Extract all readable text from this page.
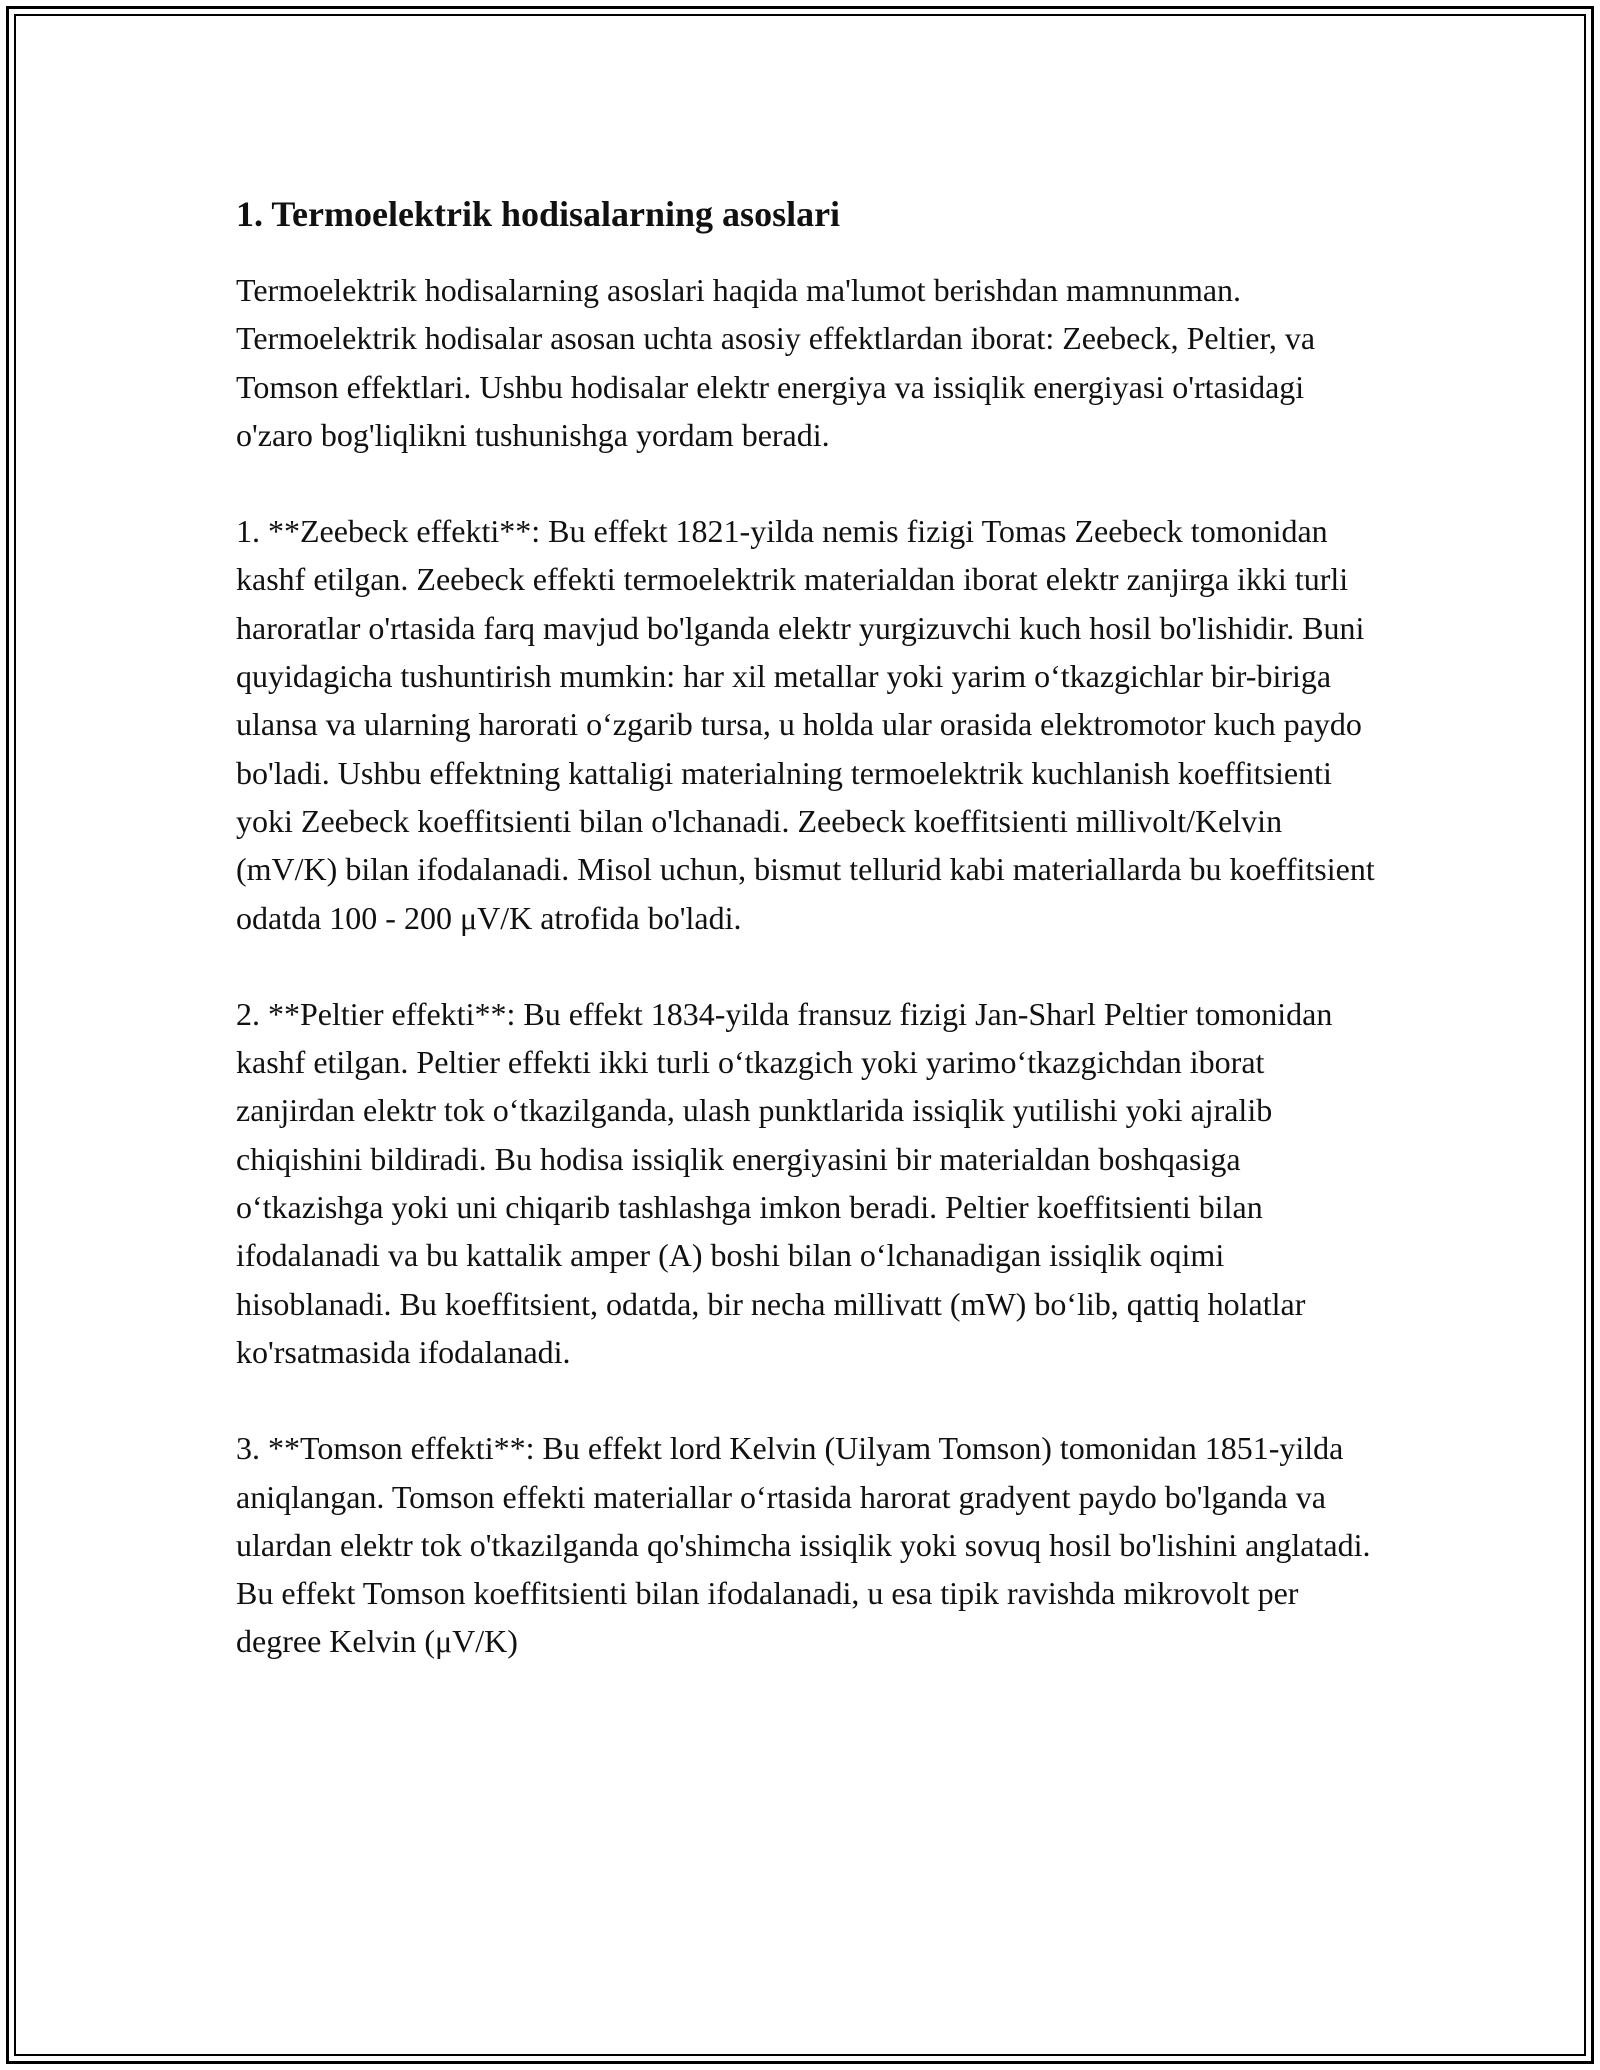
1. Termoelektrik hodisalarning asoslari

Termoelektrik hodisalarning asoslari haqida ma'lumot berishdan mamnunman. Termoelektrik hodisalar asosan uchta asosiy effektlardan iborat: Zeebeck, Peltier, va Tomson effektlari. Ushbu hodisalar elektr energiya va issiqlik energiyasi o'rtasidagi o'zaro bog'liqlikni tushunishga yordam beradi.

1. **Zeebeck effekti**: Bu effekt 1821-yilda nemis fizigi Tomas Zeebeck tomonidan kashf etilgan. Zeebeck effekti termoelektrik materialdan iborat elektr zanjirga ikki turli haroratlar o'rtasida farq mavjud bo'lganda elektr yurgizuvchi kuch hosil bo'lishidir. Buni quyidagicha tushuntirish mumkin: har xil metallar yoki yarim o‘tkazgichlar bir-biriga ulansa va ularning harorati o‘zgarib tursa, u holda ular orasida elektromotor kuch paydo bo'ladi. Ushbu effektning kattaligi materialning termoelektrik kuchlanish koeffitsienti yoki Zeebeck koeffitsienti bilan o'lchanadi. Zeebeck koeffitsienti millivolt/Kelvin (mV/K) bilan ifodalanadi. Misol uchun, bismut tellurid kabi materiallarda bu koeffitsient odatda 100 - 200 μV/K atrofida bo'ladi.

2. **Peltier effekti**: Bu effekt 1834-yilda fransuz fizigi Jan-Sharl Peltier tomonidan kashf etilgan. Peltier effekti ikki turli o‘tkazgich yoki yarimo‘tkazgichdan iborat zanjirdan elektr tok o‘tkazilganda, ulash punktlarida issiqlik yutilishi yoki ajralib chiqishini bildiradi. Bu hodisa issiqlik energiyasini bir materialdan boshqasiga o‘tkazishga yoki uni chiqarib tashlashga imkon beradi. Peltier koeffitsienti bilan ifodalanadi va bu kattalik amper (A) boshi bilan o‘lchanadigan issiqlik oqimi hisoblanadi. Bu koeffitsient, odatda, bir necha millivatt (mW) bo‘lib, qattiq holatlar ko'rsatmasida ifodalanadi.

3. **Tomson effekti**: Bu effekt lord Kelvin (Uilyam Tomson) tomonidan 1851-yilda aniqlangan. Tomson effekti materiallar o‘rtasida harorat gradyent paydo bo'lganda va ulardan elektr tok o'tkazilganda qo'shimcha issiqlik yoki sovuq hosil bo'lishini anglatadi. Bu effekt Tomson koeffitsienti bilan ifodalanadi, u esa tipik ravishda mikrovolt per degree Kelvin (μV/K)
